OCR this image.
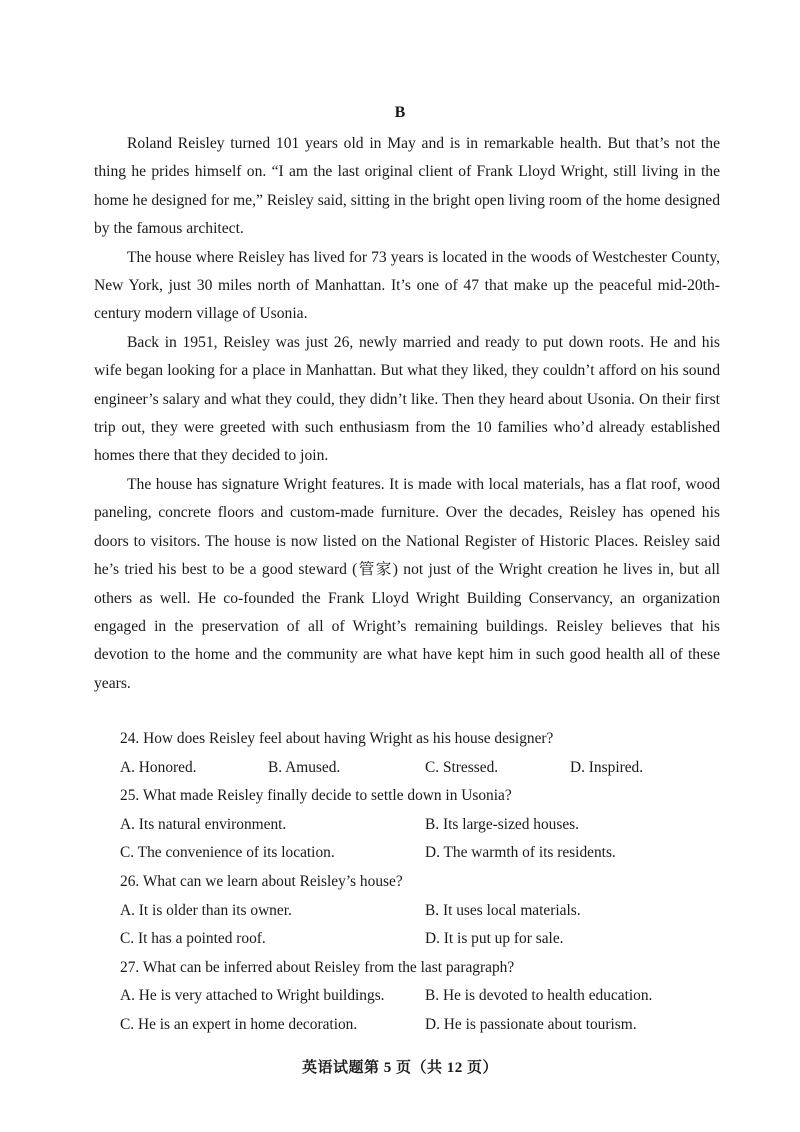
B

Roland Reisley turned 101 years old in May and is in remarkable health. But that’s not the thing he prides himself on. “I am the last original client of Frank Lloyd Wright, still living in the home he designed for me,” Reisley said, sitting in the bright open living room of the home designed by the famous architect.

The house where Reisley has lived for 73 years is located in the woods of Westchester County, New York, just 30 miles north of Manhattan. It’s one of 47 that make up the peaceful mid-20th-century modern village of Usonia.

Back in 1951, Reisley was just 26, newly married and ready to put down roots. He and his wife began looking for a place in Manhattan. But what they liked, they couldn’t afford on his sound engineer’s salary and what they could, they didn’t like. Then they heard about Usonia. On their first trip out, they were greeted with such enthusiasm from the 10 families who’d already established homes there that they decided to join.

The house has signature Wright features. It is made with local materials, has a flat roof, wood paneling, concrete floors and custom-made furniture. Over the decades, Reisley has opened his doors to visitors. The house is now listed on the National Register of Historic Places. Reisley said he’s tried his best to be a good steward (管家) not just of the Wright creation he lives in, but all others as well. He co-founded the Frank Lloyd Wright Building Conservancy, an organization engaged in the preservation of all of Wright’s remaining buildings. Reisley believes that his devotion to the home and the community are what have kept him in such good health all of these years.

24. How does Reisley feel about having Wright as his house designer?
A. Honored.	B. Amused.	C. Stressed.	D. Inspired.
25. What made Reisley finally decide to settle down in Usonia?
A. Its natural environment.	B. Its large-sized houses.
C. The convenience of its location.	D. The warmth of its residents.
26. What can we learn about Reisley’s house?
A. It is older than its owner.	B. It uses local materials.
C. It has a pointed roof.	D. It is put up for sale.
27. What can be inferred about Reisley from the last paragraph?
A. He is very attached to Wright buildings.	B. He is devoted to health education.
C. He is an expert in home decoration.	D. He is passionate about tourism.
英语试题第 5 页（共 12 页）
